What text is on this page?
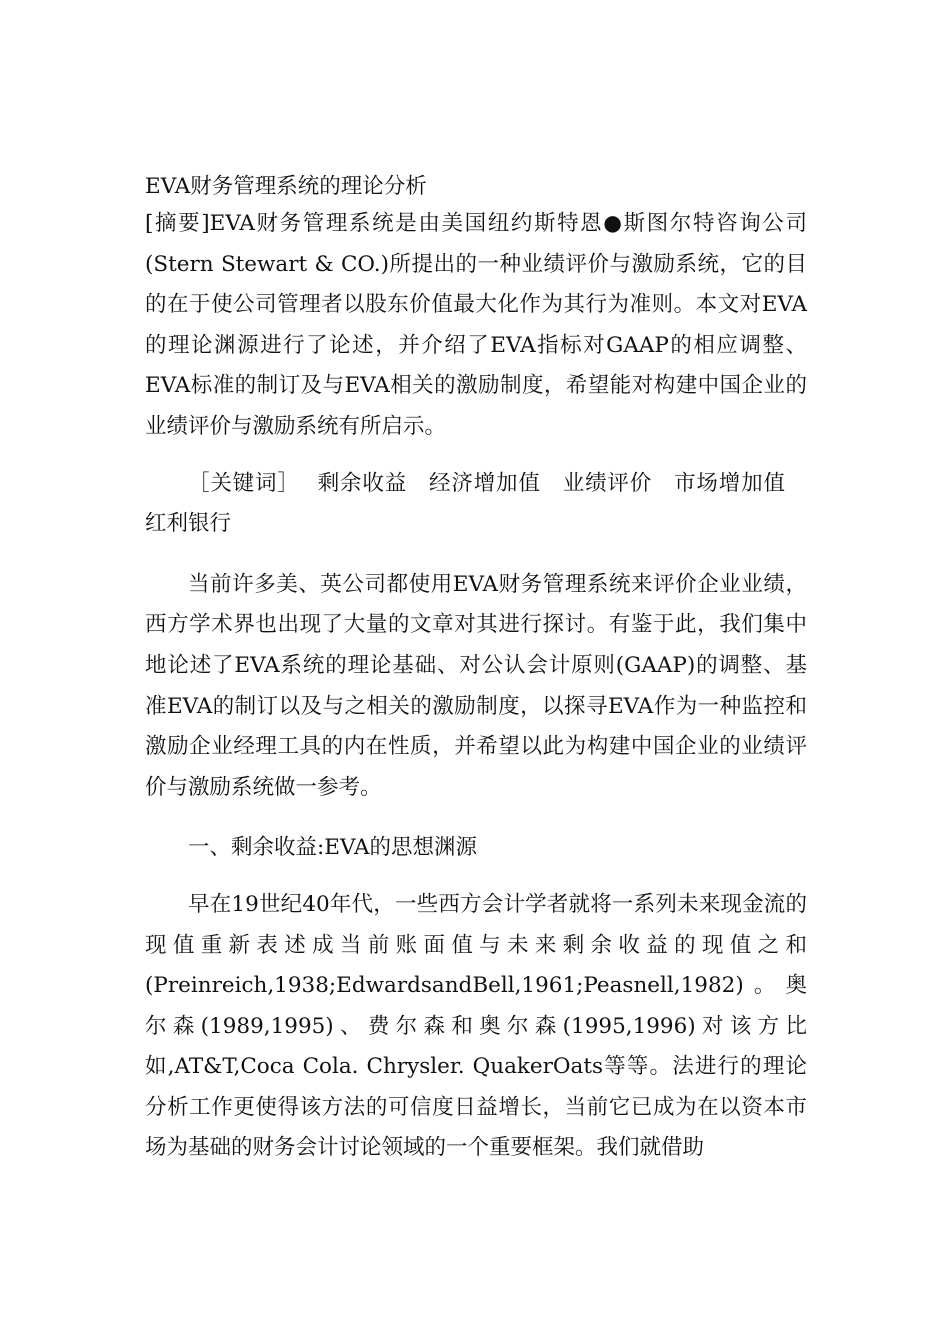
EVA财务管理系统的理论分析

[摘要]EVA财务管理系统是由美国纽约斯特恩●斯图尔特咨询公司(Stern Stewart & CO.)所提出的一种业绩评价与激励系统，它的目的在于使公司管理者以股东价值最大化作为其行为准则。本文对EVA的理论渊源进行了论述，并介绍了EVA指标对GAAP的相应调整、EVA标准的制订及与EVA相关的激励制度，希望能对构建中国企业的业绩评价与激励系统有所启示。

［关键词］ 剩余收益 经济增加值 业绩评价 市场增加值红利银行

当前许多美、英公司都使用EVA财务管理系统来评价企业业绩，西方学术界也出现了大量的文章对其进行探讨。有鉴于此，我们集中地论述了EVA系统的理论基础、对公认会计原则(GAAP)的调整、基准EVA的制订以及与之相关的激励制度，以探寻EVA作为一种监控和激励企业经理工具的内在性质，并希望以此为构建中国企业的业绩评价与激励系统做一参考。

一、剩余收益:EVA的思想渊源

早在19世纪40年代，一些西方会计学者就将一系列未来现金流的现值重新表述成当前账面值与未来剩余收益的现值之和(Preinreich,1938;EdwardsandBell,1961;Peasnell,1982)。奥尔森(1989,1995)、费尔森和奥尔森(1995,1996)对该方比如,AT&T,Coca Cola. Chrysler. QuakerOats等等。法进行的理论分析工作更使得该方法的可信度日益增长，当前它已成为在以资本市场为基础的财务会计讨论领域的一个重要框架。我们就借助
